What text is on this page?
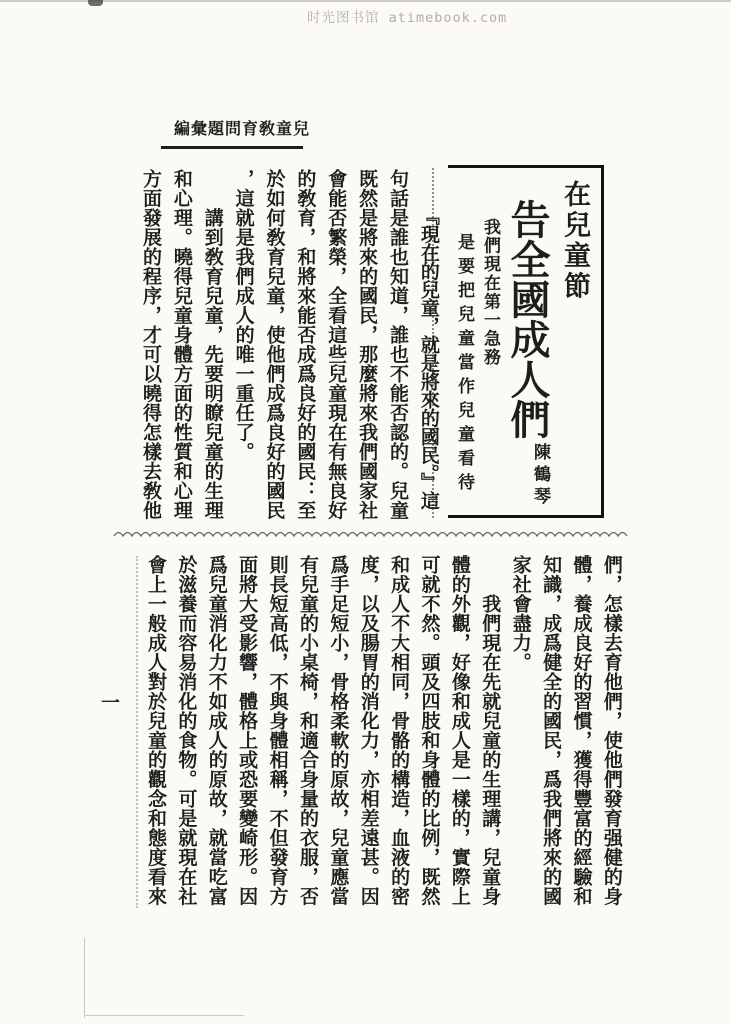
时光图书馆 atimebook.com
編彙題問育敎童兒
在兒童節
告全國成人們
我們現在第一急務
是要把兒童當作兒童看待	陳鶴琴
『現在的兒童，就是將來的國民。』這
句話是誰也知道，誰也不能否認的。兒童
既然是將來的國民，那麼將來我們國家社
會能否繁榮，全看這些兒童現在有無良好
的敎育，和將來能否成爲良好的國民：至
於如何敎育兒童，使他們成爲良好的國民
，這就是我們成人的唯一重任了。
講到敎育兒童，先要明瞭兒童的生理
和心理。曉得兒童身體方面的性質和心理
方面發展的程序，才可以曉得怎樣去敎他
們，怎樣去育他們，使他們發育强健的身
體，養成良好的習慣，獲得豐富的經驗和
知識，成爲健全的國民，爲我們將來的國
家社會盡力。
我們現在先就兒童的生理講，兒童身
體的外觀，好像和成人是一樣的，實際上
可就不然。頭及四肢和身體的比例，既然
和成人不大相同，骨骼的構造，血液的密
度，以及腸胃的消化力，亦相差遠甚。因
爲手足短小，骨格柔軟的原故，兒童應當
有兒童的小桌椅，和適合身量的衣服，否
則長短高低，不與身體相稱，不但發育方
面將大受影響，體格上或恐要變崎形。因
爲兒童消化力不如成人的原故，就當吃富
於滋養而容易消化的食物。可是就現在社
會上一般成人對於兒童的觀念和態度看來
一
